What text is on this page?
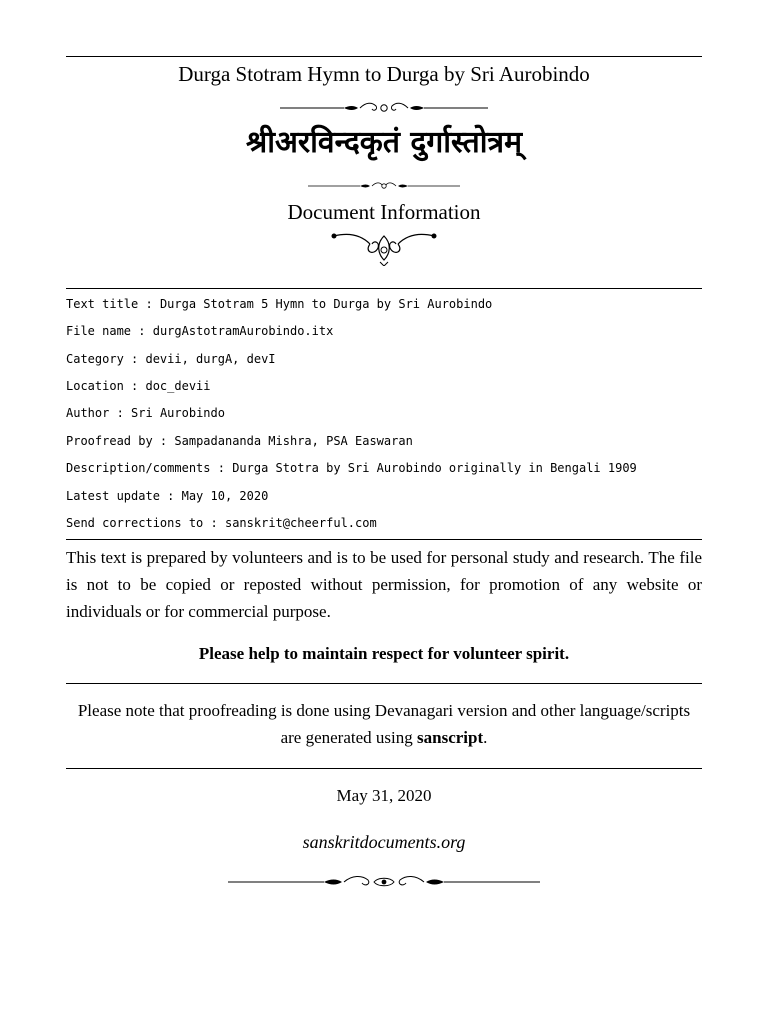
Durga Stotram Hymn to Durga by Sri Aurobindo
श्रीअरविन्दकृतं दुर्गास्तोत्रम्
Document Information
Text title : Durga Stotram 5 Hymn to Durga by Sri Aurobindo
File name : durgAstotramAurobindo.itx
Category : devii, durgA, devI
Location : doc_devii
Author : Sri Aurobindo
Proofread by : Sampadananda Mishra, PSA Easwaran
Description/comments : Durga Stotra by Sri Aurobindo originally in Bengali 1909
Latest update : May 10, 2020
Send corrections to : sanskrit@cheerful.com
This text is prepared by volunteers and is to be used for personal study and research. The file is not to be copied or reposted without permission, for promotion of any website or individuals or for commercial purpose.
Please help to maintain respect for volunteer spirit.
Please note that proofreading is done using Devanagari version and other language/scripts
are generated using sanscript.
May 31, 2020
sanskritdocuments.org
